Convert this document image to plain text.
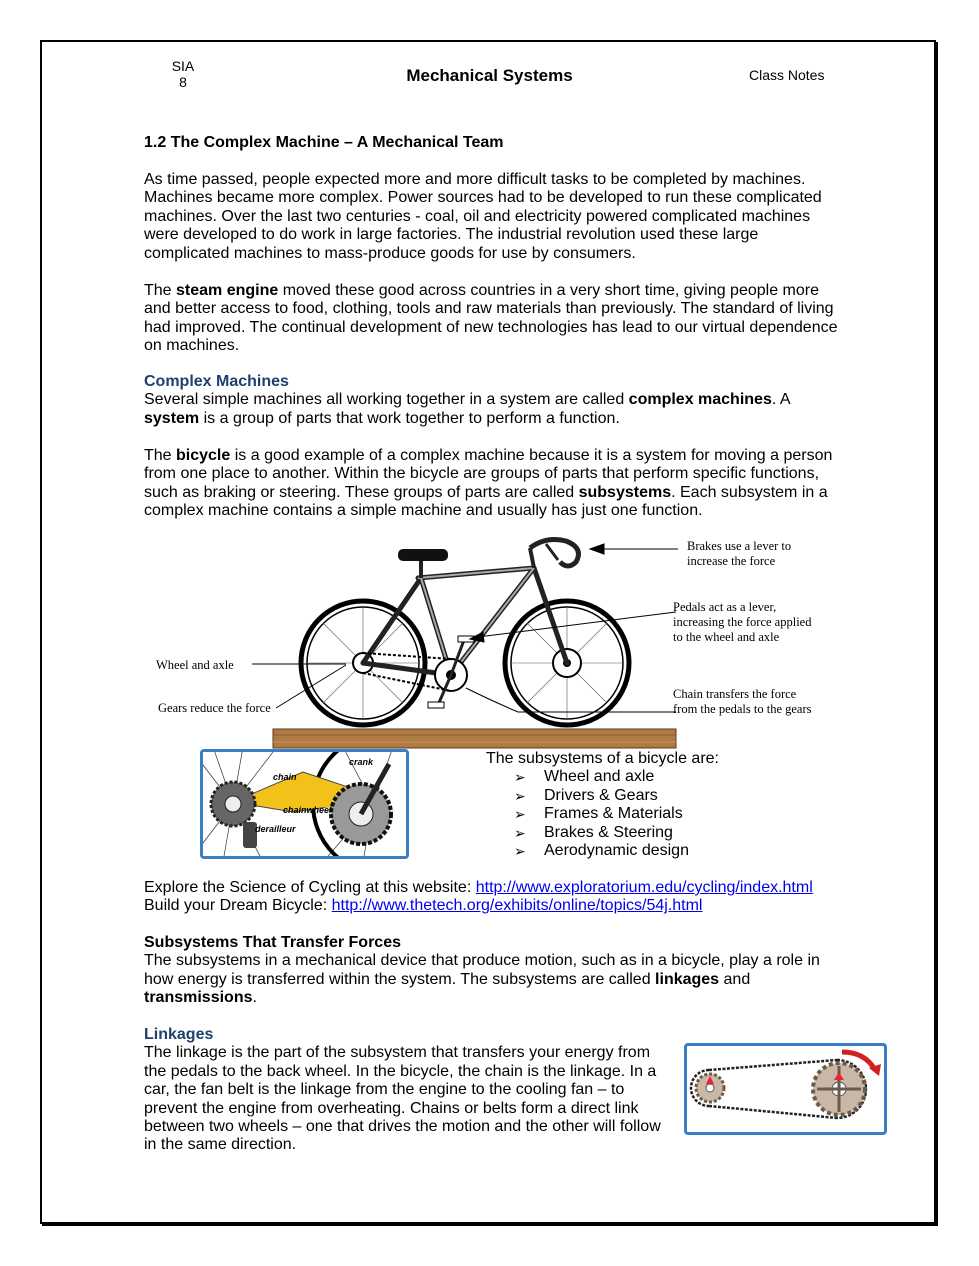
SIA
8	Mechanical Systems	Class Notes

1.2 The Complex Machine – A Mechanical Team

As time passed, people expected more and more difficult tasks to be completed by machines. Machines became more complex. Power sources had to be developed to run these complicated machines. Over the last two centuries - coal, oil and electricity powered complicated machines were developed to do work in large factories. The industrial revolution used these large complicated machines to mass-produce goods for use by consumers.

The steam engine moved these good across countries in a very short time, giving people more and better access to food, clothing, tools and raw materials than previously. The standard of living had improved. The continual development of new technologies has lead to our virtual dependence on machines.

Complex Machines

Several simple machines all working together in a system are called complex machines. A system is a group of parts that work together to perform a function.

The bicycle is a good example of a complex machine because it is a system for moving a person from one place to another. Within the bicycle are groups of parts that perform specific functions, such as braking or steering. These groups of parts are called subsystems. Each subsystem in a complex machine contains a simple machine and usually has just one function.

Brakes use a lever to increase the force
Pedals act as a lever, increasing the force applied to the wheel and axle
Wheel and axle
Gears reduce the force
Chain transfers the force from the pedals to the gears
crank
chain
chainwheel
derailleur
The subsystems of a bicycle are:
➢ Wheel and axle
➢ Drivers & Gears
➢ Frames & Materials
➢ Brakes & Steering
➢ Aerodynamic design

Explore the Science of Cycling at this website: http://www.exploratorium.edu/cycling/index.html

Build your Dream Bicycle: http://www.thetech.org/exhibits/online/topics/54j.html

Subsystems That Transfer Forces

The subsystems in a mechanical device that produce motion, such as in a bicycle, play a role in how energy is transferred within the system. The subsystems are called linkages and transmissions.

Linkages

The linkage is the part of the subsystem that transfers your energy from the pedals to the back wheel. In the bicycle, the chain is the linkage. In a car, the fan belt is the linkage from the engine to the cooling fan – to prevent the engine from overheating. Chains or belts form a direct link between two wheels – one that drives the motion and the other will follow in the same direction.
